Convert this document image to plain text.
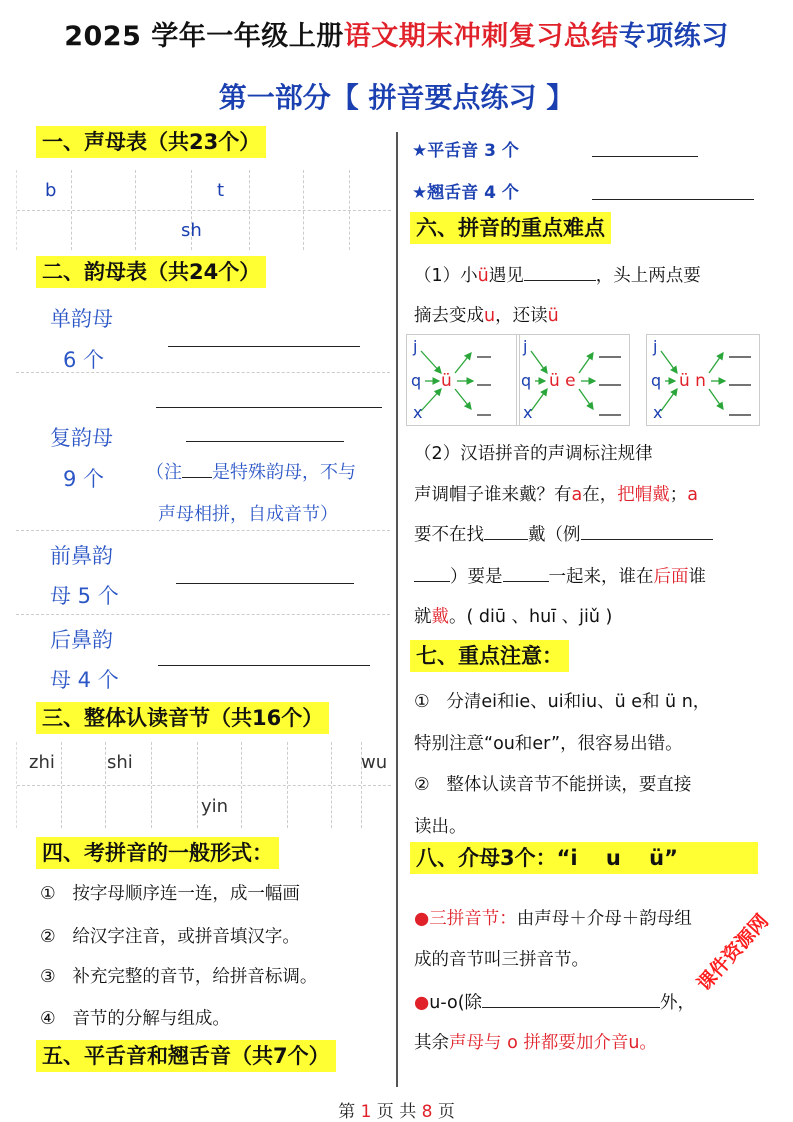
2025 学年一年级上册语文期末冲刺复习总结专项练习
第一部分【 拼音要点练习 】
一、声母表（共23个）
b	t
sh
二、韵母表（共24个）
单韵母
6 个
复韵母
9 个 （注 是特殊韵母，不与
声母相拼，自成音节）
前鼻韵
母 5 个
后鼻韵
母 4 个
三、整体认读音节（共16个）
zhi	shi	wu
yin
四、考拼音的一般形式：
① 按字母顺序连一连，成一幅画
② 给汉字注音，或拼音填汉字。
③ 补充完整的音节，给拼音标调。
④ 音节的分解与组成。
五、平舌音和翘舌音（共7个）
★平舌音 3 个
★翘舌音 4 个
六、拼音的重点难点
（1）小ü遇见	，头上两点要
摘去变成u，还读ü
j
q
x
ü
j
q
x
ü e
j
q
x
ü n
（2）汉语拼音的声调标注规律
声调帽子谁来戴？有a在，把帽戴；a
要不在找	戴（例
）要是	一起来，谁在后面谁
就戴。( diū 、huī 、jiǔ )
七、重点注意：
① 分清ei和ie、ui和iu、ü e和 ü n，
特别注意“ou和er”，很容易出错。
② 整体认读音节不能拼读，要直接
读出。
八、介母3个：“i　 u　 ü”
●三拼音节：由声母＋介母＋韵母组
成的音节叫三拼音节。
●u-o(除	外，
其余声母与 o 拼都要加介音u。
第 1 页 共 8 页
课件资源网
